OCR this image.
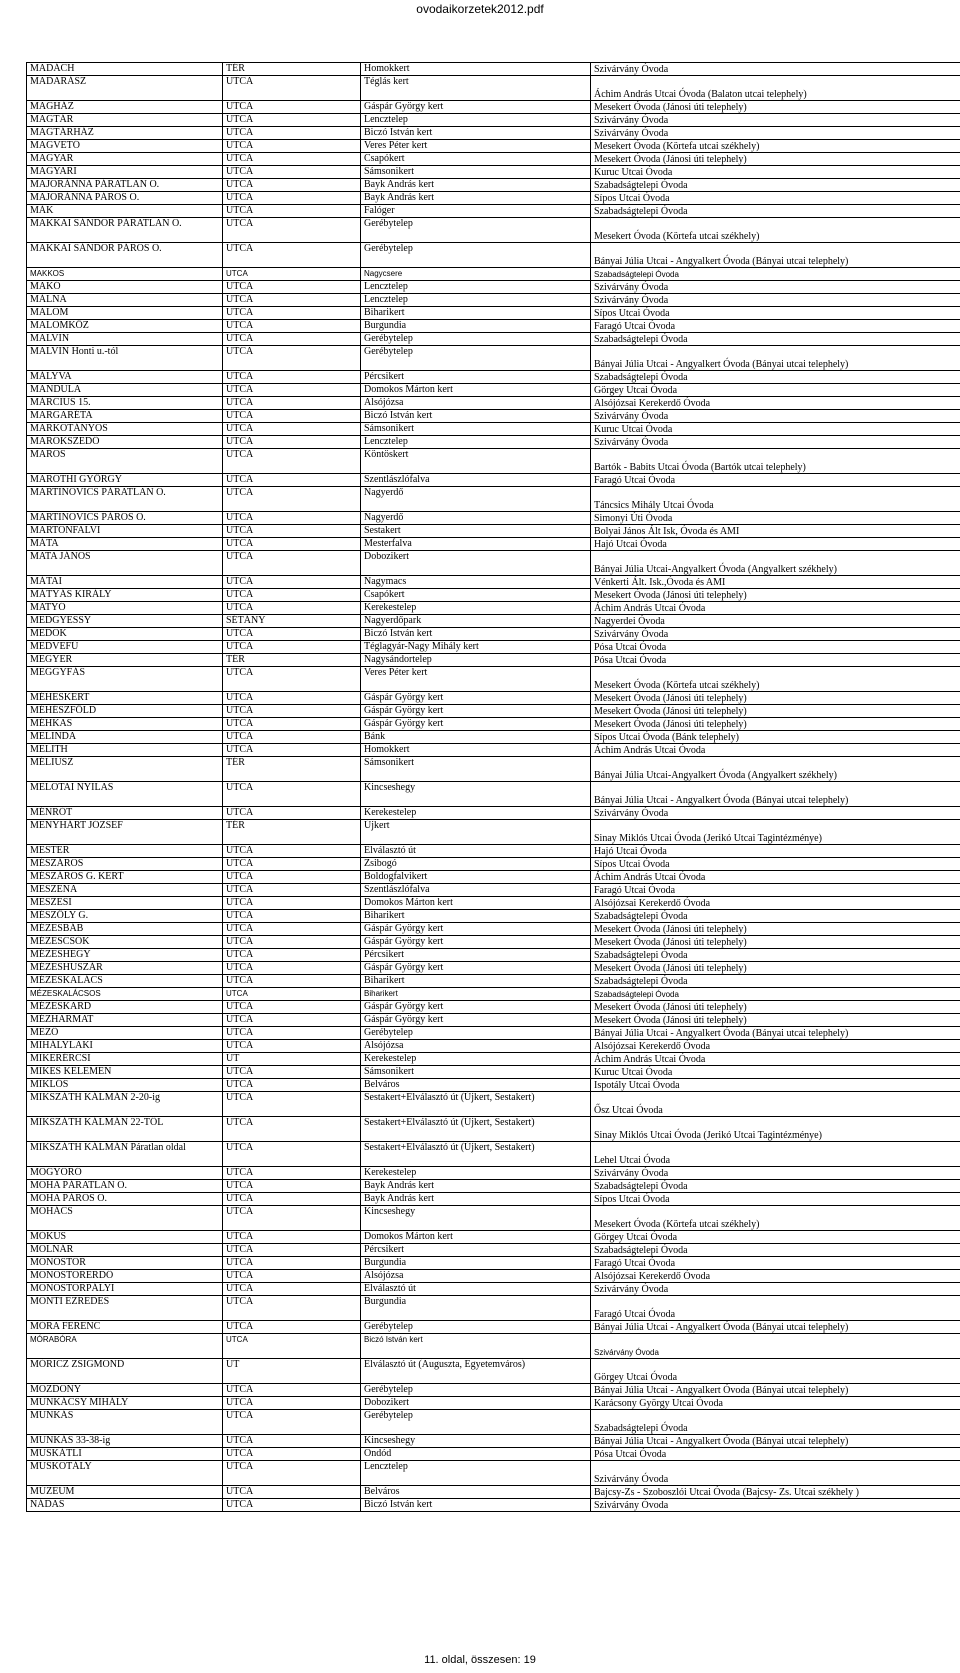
ovodaikorzetek2012.pdf
MADÁCH	TÉR	Homokkert	Szivárvány Óvoda
MADARÁSZ	UTCA	Téglás kert	Áchim András Utcai Óvoda (Balaton utcai telephely)
MAGHÁZ	UTCA	Gáspár György kert	Mesekert Óvoda (Jánosi úti telephely)
MAGTÁR	UTCA	Lencztelep	Szivárvány Óvoda
MAGTÁRHÁZ	UTCA	Biczó István kert	Szivárvány Óvoda
MAGVETŐ	UTCA	Veres Péter kert	Mesekert Óvoda (Körtefa utcai székhely)
MAGYAR	UTCA	Csapókert	Mesekert Óvoda (Jánosi úti telephely)
MAGYARI	UTCA	Sámsonikert	Kuruc Utcai Óvoda
MAJORÁNNA PÁRATLAN O.	UTCA	Bayk András kert	Szabadságtelepi Óvoda
MAJORÁNNA PÁROS O.	UTCA	Bayk András kert	Sípos Utcai Óvoda
MÁK	UTCA	Falóger	Szabadságtelepi Óvoda
MAKKAI SÁNDOR PÁRATLAN O.	UTCA	Gerébytelep	Mesekert Óvoda (Körtefa utcai székhely)
MAKKAI SÁNDOR PÁROS O.	UTCA	Gerébytelep	Bányai Júlia Utcai - Angyalkert Óvoda (Bányai utcai telephely)
MAKKOS	UTCA	Nagycsere	Szabadságtelepi Óvoda
MAKÓ	UTCA	Lencztelep	Szivárvány Óvoda
MÁLNA	UTCA	Lencztelep	Szivárvány Óvoda
MALOM	UTCA	Biharikert	Sípos Utcai Óvoda
MALOMKÖZ	UTCA	Burgundia	Faragó Utcai Óvoda
MALVIN	UTCA	Gerébytelep	Szabadságtelepi Óvoda
MALVIN Honti u.-tól	UTCA	Gerébytelep	Bányai Júlia Utcai - Angyalkert Óvoda (Bányai utcai telephely)
MÁLYVA	UTCA	Pércsikert	Szabadságtelepi Óvoda
MANDULA	UTCA	Domokos Márton kert	Görgey Utcai Óvoda
MÁRCIUS 15.	UTCA	Alsójózsa	Alsójózsai Kerekerdő Óvoda
MARGARÉTA	UTCA	Biczó István kert	Szivárvány Óvoda
MARKOTÁNYOS	UTCA	Sámsonikert	Kuruc Utcai Óvoda
MAROKSZEDŐ	UTCA	Lencztelep	Szivárvány Óvoda
MAROS	UTCA	Köntöskert	Bartók - Babits Utcai Óvoda (Bartók utcai telephely)
MARÓTHI GYÖRGY	UTCA	Szentlászlófalva	Faragó Utcai Óvoda
MARTINOVICS PÁRATLAN O.	UTCA	Nagyerdő	Táncsics Mihály Utcai Óvoda
MARTINOVICS PÁROS O.	UTCA	Nagyerdő	Simonyi Úti Óvoda
MARTONFALVI	UTCA	Sestakert	Bolyai János Ált Isk, Óvoda és AMI
MÁTA	UTCA	Mesterfalva	Hajó Utcai Óvoda
MATA JÁNOS	UTCA	Dobozikert	Bányai Júlia Utcai-Angyalkert Óvoda (Angyalkert székhely)
MÁTAI	UTCA	Nagymacs	Vénkerti Ált. Isk.,Óvoda és AMI
MÁTYÁS KIRÁLY	UTCA	Csapókert	Mesekert Óvoda (Jánosi úti telephely)
MATYÓ	UTCA	Kerekestelep	Áchim András Utcai Óvoda
MEDGYESSY	SÉTÁNY	Nagyerdőpark	Nagyerdei Óvoda
MEDOK	UTCA	Biczó István kert	Szivárvány Óvoda
MEDVEFŰ	UTCA	Téglagyár-Nagy Mihály kert	Pósa Utcai Óvoda
MEGYER	TÉR	Nagysándortelep	Pósa Utcai Óvoda
MEGGYFÁS	UTCA	Veres Péter kert	Mesekert Óvoda (Körtefa utcai székhely)
MÉHESKERT	UTCA	Gáspár György kert	Mesekert Óvoda (Jánosi úti telephely)
MÉHÉSZFÖLD	UTCA	Gáspár György kert	Mesekert Óvoda (Jánosi úti telephely)
MÉHKAS	UTCA	Gáspár György kert	Mesekert Óvoda (Jánosi úti telephely)
MELINDA	UTCA	Bánk	Sípos Utcai Óvoda (Bánk telephely)
MELITH	UTCA	Homokkert	Áchim András Utcai Óvoda
MÉLIUSZ	TÉR	Sámsonikert	Bányai Júlia Utcai-Angyalkert Óvoda (Angyalkert székhely)
MELOTAI NYILAS	UTCA	Kincseshegy	Bányai Júlia Utcai - Angyalkert Óvoda (Bányai utcai telephely)
MÉNRÓT	UTCA	Kerekestelep	Szivárvány Óvoda
MENYHÁRT JÓZSEF	TÉR	Újkert	Sinay Miklós Utcai Óvoda (Jerikó Utcai Tagintézménye)
MESTER	UTCA	Elválasztó út	Hajó Utcai Óvoda
MÉSZÁROS	UTCA	Zsibogó	Sípos Utcai Óvoda
MÉSZÁROS G. KERT	UTCA	Boldogfalvikert	Áchim András Utcai Óvoda
MESZENA	UTCA	Szentlászlófalva	Faragó Utcai Óvoda
MESZESI	UTCA	Domokos Márton kert	Alsójózsai Kerekerdő Óvoda
MÉSZÖLY G.	UTCA	Biharikert	Szabadságtelepi Óvoda
MÉZESBÁB	UTCA	Gáspár György kert	Mesekert Óvoda (Jánosi úti telephely)
MÉZESCSÓK	UTCA	Gáspár György kert	Mesekert Óvoda (Jánosi úti telephely)
MÉZESHEGY	UTCA	Pércsikert	Szabadságtelepi Óvoda
MÉZESHUSZÁR	UTCA	Gáspár György kert	Mesekert Óvoda (Jánosi úti telephely)
MÉZESKALÁCS	UTCA	Biharikert	Szabadságtelepi Óvoda
MÉZESKALÁCSOS	UTCA	Biharikert	Szabadságtelepi Óvoda
MÉZESKARD	UTCA	Gáspár György kert	Mesekert Óvoda (Jánosi úti telephely)
MÉZHARMAT	UTCA	Gáspár György kert	Mesekert Óvoda (Jánosi úti telephely)
MEZŐ	UTCA	Gerébytelep	Bányai Júlia Utcai - Angyalkert Óvoda (Bányai utcai telephely)
MIHÁLYLAKI	UTCA	Alsójózsa	Alsójózsai Kerekerdő Óvoda
MIKERÉRCSI	ÚT	Kerekestelep	Áchim András Utcai Óvoda
MIKES KELEMEN	UTCA	Sámsonikert	Kuruc Utcai Óvoda
MIKLÓS	UTCA	Belváros	Ispotály Utcai Óvoda
MIKSZÁTH KÁLMÁN 2-20-ig	UTCA	Sestakert+Elválasztó út (Újkert, Sestakert)	Ősz Utcai Óvoda
MIKSZÁTH KÁLMÁN 22-TŐL	UTCA	Sestakert+Elválasztó út (Újkert, Sestakert)	Sinay Miklós Utcai Óvoda (Jerikó Utcai Tagintézménye)
MIKSZÁTH KÁLMÁN Páratlan oldal	UTCA	Sestakert+Elválasztó út (Újkert, Sestakert)	Lehel Utcai Óvoda
MOGYORÓ	UTCA	Kerekestelep	Szivárvány Óvoda
MOHA PÁRATLAN O.	UTCA	Bayk András kert	Szabadságtelepi Óvoda
MOHA PÁROS O.	UTCA	Bayk András kert	Sípos Utcai Óvoda
MOHÁCS	UTCA	Kincseshegy	Mesekert Óvoda (Körtefa utcai székhely)
MÓKUS	UTCA	Domokos Márton kert	Görgey Utcai Óvoda
MOLNÁR	UTCA	Pércsikert	Szabadságtelepi Óvoda
MONOSTOR	UTCA	Burgundia	Faragó Utcai Óvoda
MONOSTORERDŐ	UTCA	Alsójózsa	Alsójózsai Kerekerdő Óvoda
MONOSTORPÁLYI	UTCA	Elválasztó út	Szivárvány Óvoda
MONTI EZREDES	UTCA	Burgundia	Faragó Utcai Óvoda
MÓRA FERENC	UTCA	Gerébytelep	Bányai Júlia Utcai - Angyalkert Óvoda (Bányai utcai telephely)
MÓRABÓRA	UTCA	Biczó István kert	Szivárvány Óvoda
MÓRICZ ZSIGMOND	ÚT	Elválasztó út (Auguszta, Egyetemváros)	Görgey Utcai Óvoda
MOZDONY	UTCA	Gerébytelep	Bányai Júlia Utcai - Angyalkert Óvoda (Bányai utcai telephely)
MUNKÁCSY MIHÁLY	UTCA	Dobozikert	Karácsony György Utcai Óvoda
MUNKÁS	UTCA	Gerébytelep	Szabadságtelepi Óvoda
MUNKÁS 33-38-ig	UTCA	Kincseshegy	Bányai Júlia Utcai - Angyalkert Óvoda (Bányai utcai telephely)
MUSKÁTLI	UTCA	Ondód	Pósa Utcai Óvoda
MUSKOTÁLY	UTCA	Lencztelep	Szivárvány Óvoda
MÚZEUM	UTCA	Belváros	Bajcsy-Zs - Szoboszlói Utcai Óvoda (Bajcsy- Zs. Utcai székhely )
NÁDAS	UTCA	Biczó István kert	Szivárvány Óvoda
11. oldal, összesen: 19
